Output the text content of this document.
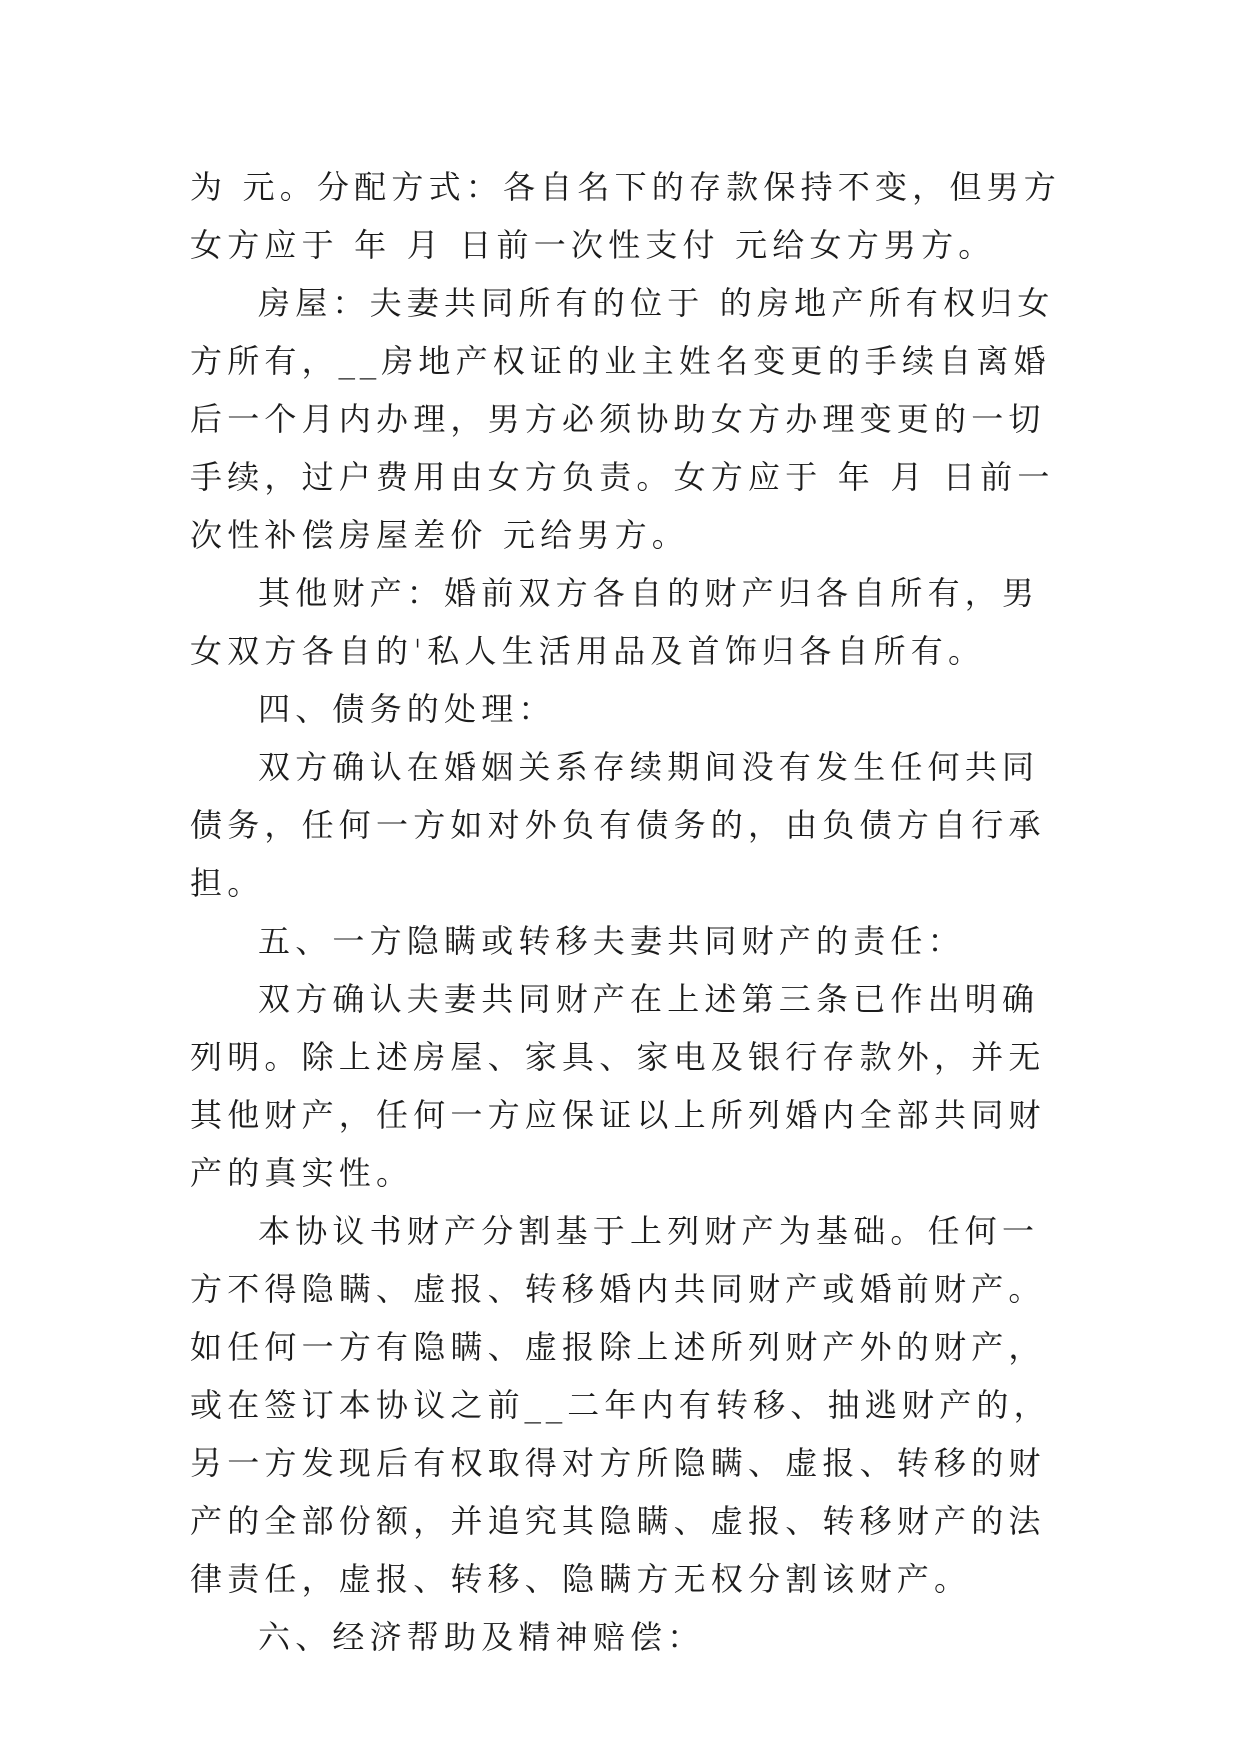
为 元。分配方式：各自名下的存款保持不变，但男方女方应于 年 月 日前一次性支付 元给女方男方。

房屋：夫妻共同所有的位于 的房地产所有权归女方所有，__房地产权证的业主姓名变更的手续自离婚后一个月内办理，男方必须协助女方办理变更的一切手续，过户费用由女方负责。女方应于 年 月 日前一次性补偿房屋差价 元给男方。

其他财产：婚前双方各自的财产归各自所有，男女双方各自的'私人生活用品及首饰归各自所有。

四、债务的处理：

双方确认在婚姻关系存续期间没有发生任何共同债务，任何一方如对外负有债务的，由负债方自行承担。

五、一方隐瞒或转移夫妻共同财产的责任：

双方确认夫妻共同财产在上述第三条已作出明确列明。除上述房屋、家具、家电及银行存款外，并无其他财产，任何一方应保证以上所列婚内全部共同财产的真实性。

本协议书财产分割基于上列财产为基础。任何一方不得隐瞒、虚报、转移婚内共同财产或婚前财产。如任何一方有隐瞒、虚报除上述所列财产外的财产，或在签订本协议之前__二年内有转移、抽逃财产的，另一方发现后有权取得对方所隐瞒、虚报、转移的财产的全部份额，并追究其隐瞒、虚报、转移财产的法律责任，虚报、转移、隐瞒方无权分割该财产。

六、经济帮助及精神赔偿：
